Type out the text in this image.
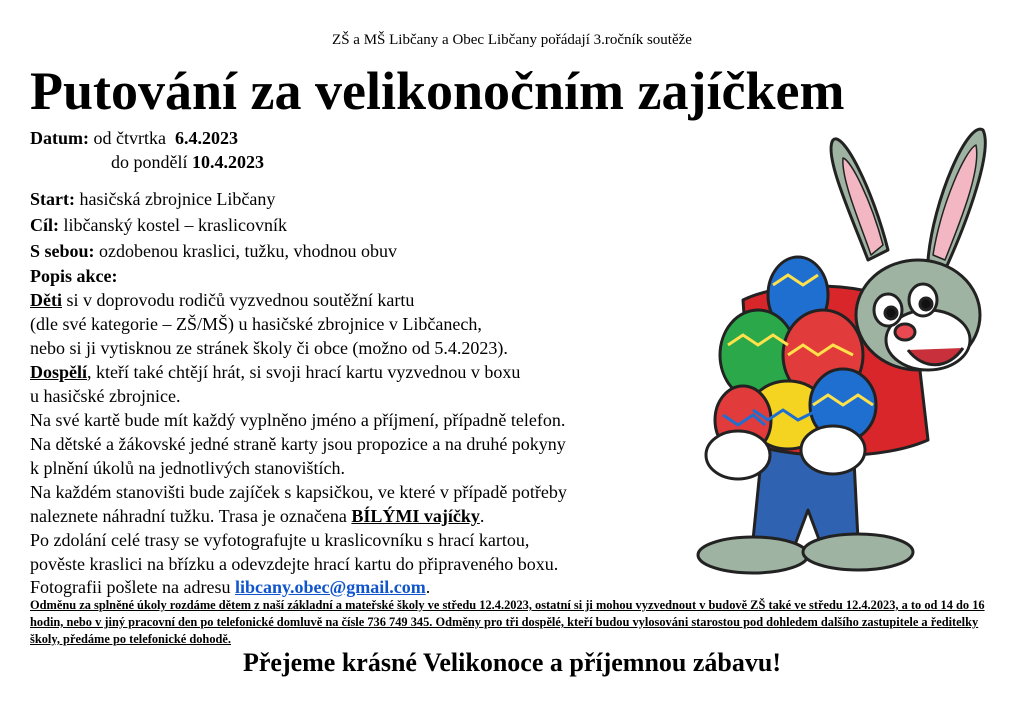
ZŠ a MŠ Libčany a Obec Libčany pořádají 3.ročník soutěže
Putování za velikonočním zajíčkem
Datum: od čtvrtka 6.4.2023
do pondělí 10.4.2023
Start: hasičská zbrojnice Libčany
Cíl: libčanský kostel – kraslicovník
S sebou: ozdobenou kraslici, tužku, vhodnou obuv
Popis akce:
Děti si v doprovodu rodičů vyzvednou soutěžní kartu
(dle své kategorie – ZŠ/MŠ) u hasičské zbrojnice v Libčanech,
nebo si ji vytisknou ze stránek školy či obce (možno od 5.4.2023).
Dospělí, kteří také chtějí hrát, si svoji hrací kartu vyzvednou v boxu
u hasičské zbrojnice.
Na své kartě bude mít každý vyplněno jméno a příjmení, případně telefon.
Na dětské a žákovské jedné straně karty jsou propozice a na druhé pokyny
k plnění úkolů na jednotlivých stanovištích.
Na každém stanovišti bude zajíček s kapsičkou, ve které v případě potřeby
naleznete náhradní tužku. Trasa je označena BÍLÝMI vajíčky.
Po zdolání celé trasy se vyfotografujte u kraslicovníku s hrací kartou,
pověste kraslici na břízku a odevzdejte hrací kartu do připraveného boxu.
Fotografii pošlete na adresu libcany.obec@gmail.com.
Odměnu za splněné úkoly rozdáme dětem z naší základní a mateřské školy ve středu 12.4.2023, ostatní si ji mohou vyzvednout v budově ZŠ také ve středu 12.4.2023, a to od 14 do 16 hodin, nebo v jiný pracovní den po telefonické domluvě na čísle 736 749 345. Odměny pro tři dospělé, kteří budou vylosováni starostou pod dohledem dalšího zastupitele a ředitelky školy, předáme po telefonické dohodě.
Přejeme krásné Velikonoce a příjemnou zábavu!
